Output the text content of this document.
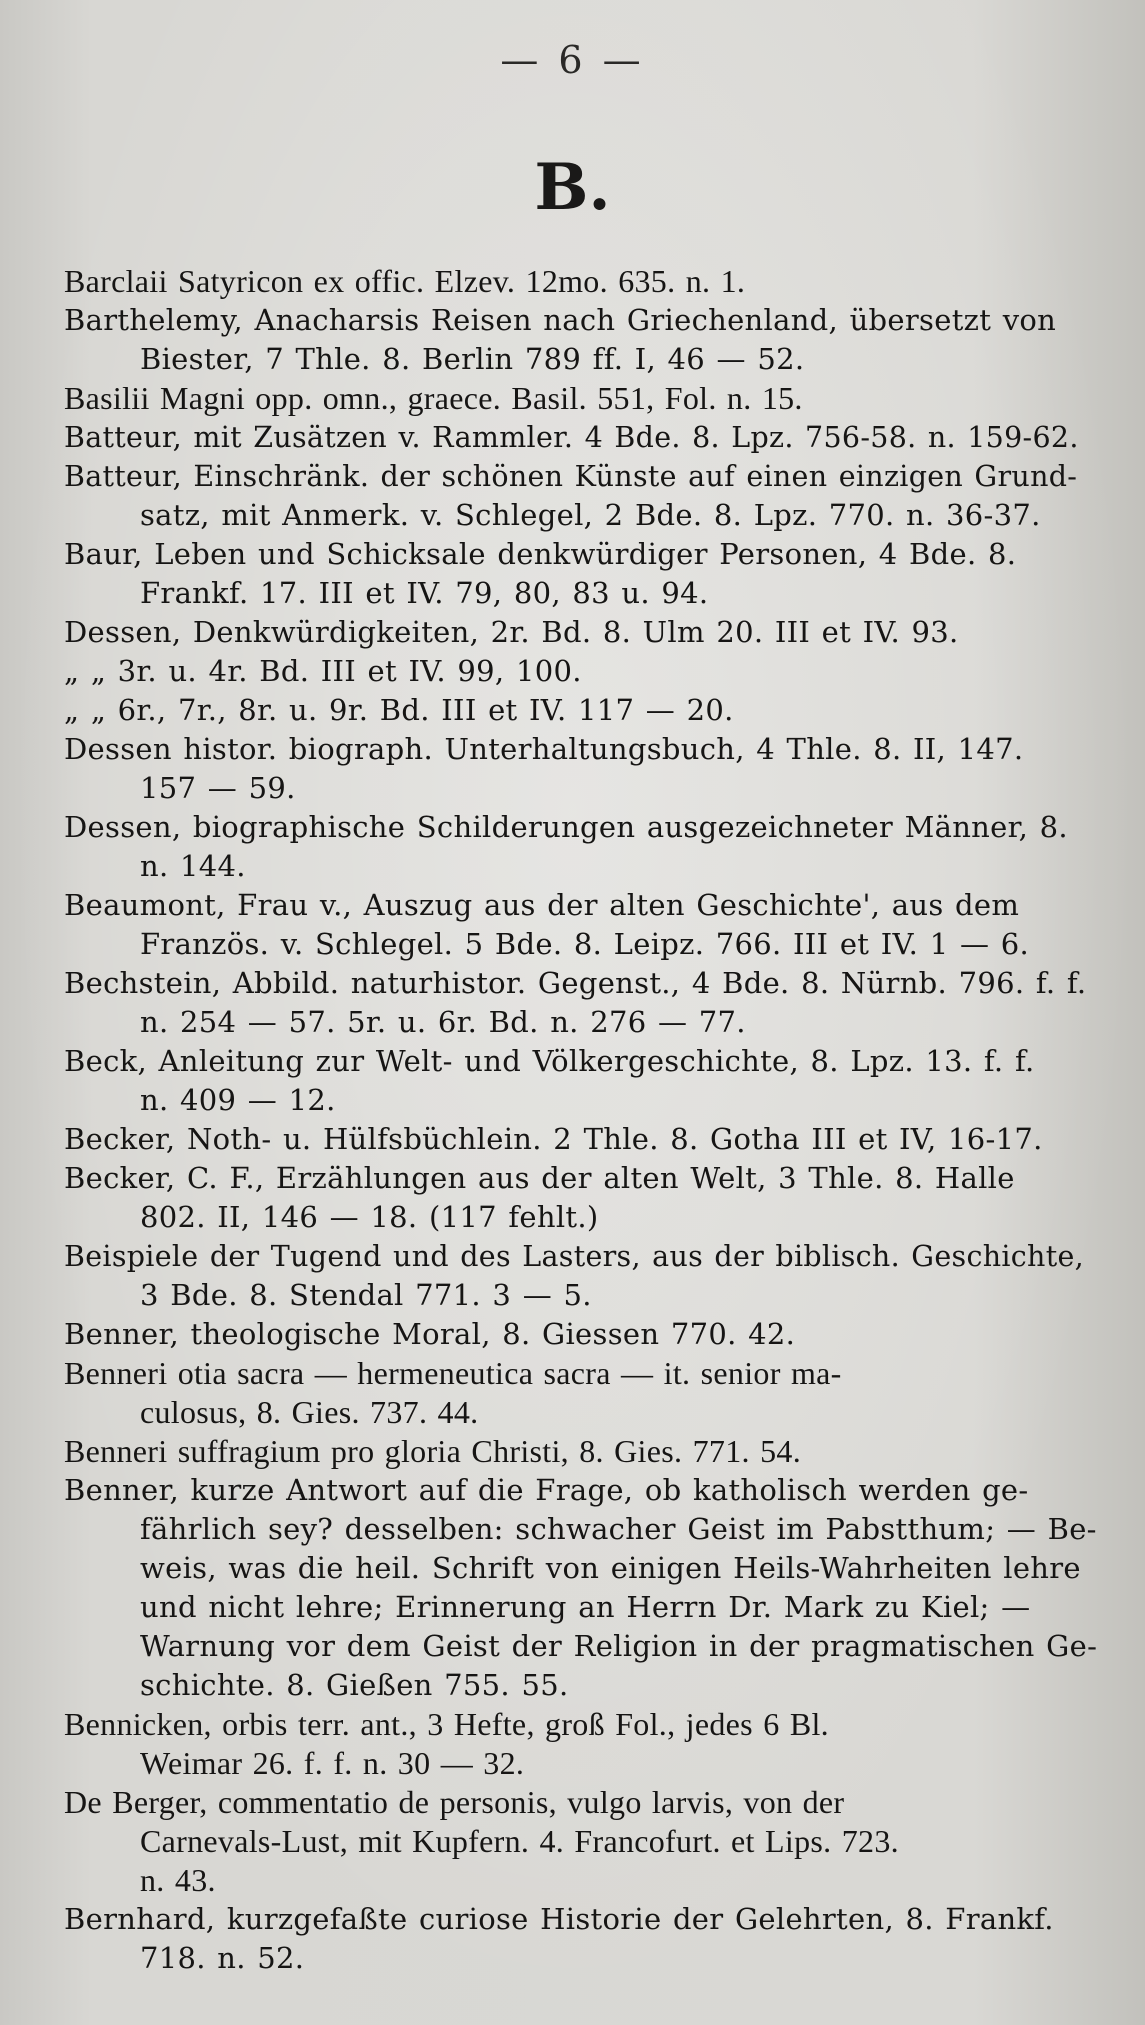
— 6 —
B.

Barclaii Satyricon ex offic. Elzev. 12mo. 635. n. 1.

Barthelemy, Anacharsis Reisen nach Griechenland, übersetzt von
Biester, 7 Thle. 8. Berlin 789 ff. I, 46 — 52.

Basilii Magni opp. omn., graece. Basil. 551, Fol. n. 15.

Batteur, mit Zusätzen v. Rammler. 4 Bde. 8. Lpz. 756-58. n. 159-62.

Batteur, Einschränk. der schönen Künste auf einen einzigen Grund-
satz, mit Anmerk. v. Schlegel, 2 Bde. 8. Lpz. 770. n. 36-37.

Baur, Leben und Schicksale denkwürdiger Personen, 4 Bde. 8.
Frankf. 17. III et IV. 79, 80, 83 u. 94.

Dessen, Denkwürdigkeiten, 2r. Bd. 8. Ulm 20. III et IV. 93.

„ „ 3r. u. 4r. Bd. III et IV. 99, 100.

„ „ 6r., 7r., 8r. u. 9r. Bd. III et IV. 117 — 20.

Dessen histor. biograph. Unterhaltungsbuch, 4 Thle. 8. II, 147.
157 — 59.

Dessen, biographische Schilderungen ausgezeichneter Männer, 8.
n. 144.

Beaumont, Frau v., Auszug aus der alten Geschichte', aus dem
Französ. v. Schlegel. 5 Bde. 8. Leipz. 766. III et IV. 1 — 6.

Bechstein, Abbild. naturhistor. Gegenst., 4 Bde. 8. Nürnb. 796. f. f.
n. 254 — 57. 5r. u. 6r. Bd. n. 276 — 77.

Beck, Anleitung zur Welt- und Völkergeschichte, 8. Lpz. 13. f. f.
n. 409 — 12.

Becker, Noth- u. Hülfsbüchlein. 2 Thle. 8. Gotha III et IV, 16-17.

Becker, C. F., Erzählungen aus der alten Welt, 3 Thle. 8. Halle
802. II, 146 — 18. (117 fehlt.)

Beispiele der Tugend und des Lasters, aus der biblisch. Geschichte,
3 Bde. 8. Stendal 771. 3 — 5.

Benner, theologische Moral, 8. Giessen 770. 42.

Benneri otia sacra — hermeneutica sacra — it. senior ma-
culosus, 8. Gies. 737. 44.

Benneri suffragium pro gloria Christi, 8. Gies. 771. 54.

Benner, kurze Antwort auf die Frage, ob katholisch werden ge-
fährlich sey? desselben: schwacher Geist im Pabstthum; — Be-
weis, was die heil. Schrift von einigen Heils-Wahrheiten lehre
und nicht lehre; Erinnerung an Herrn Dr. Mark zu Kiel; —
Warnung vor dem Geist der Religion in der pragmatischen Ge-
schichte. 8. Gießen 755. 55.

Bennicken, orbis terr. ant., 3 Hefte, groß Fol., jedes 6 Bl.
Weimar 26. f. f. n. 30 — 32.

De Berger, commentatio de personis, vulgo larvis, von der
Carnevals-Lust, mit Kupfern. 4. Francofurt. et Lips. 723.
n. 43.

Bernhard, kurzgefaßte curiose Historie der Gelehrten, 8. Frankf.
718. n. 52.
